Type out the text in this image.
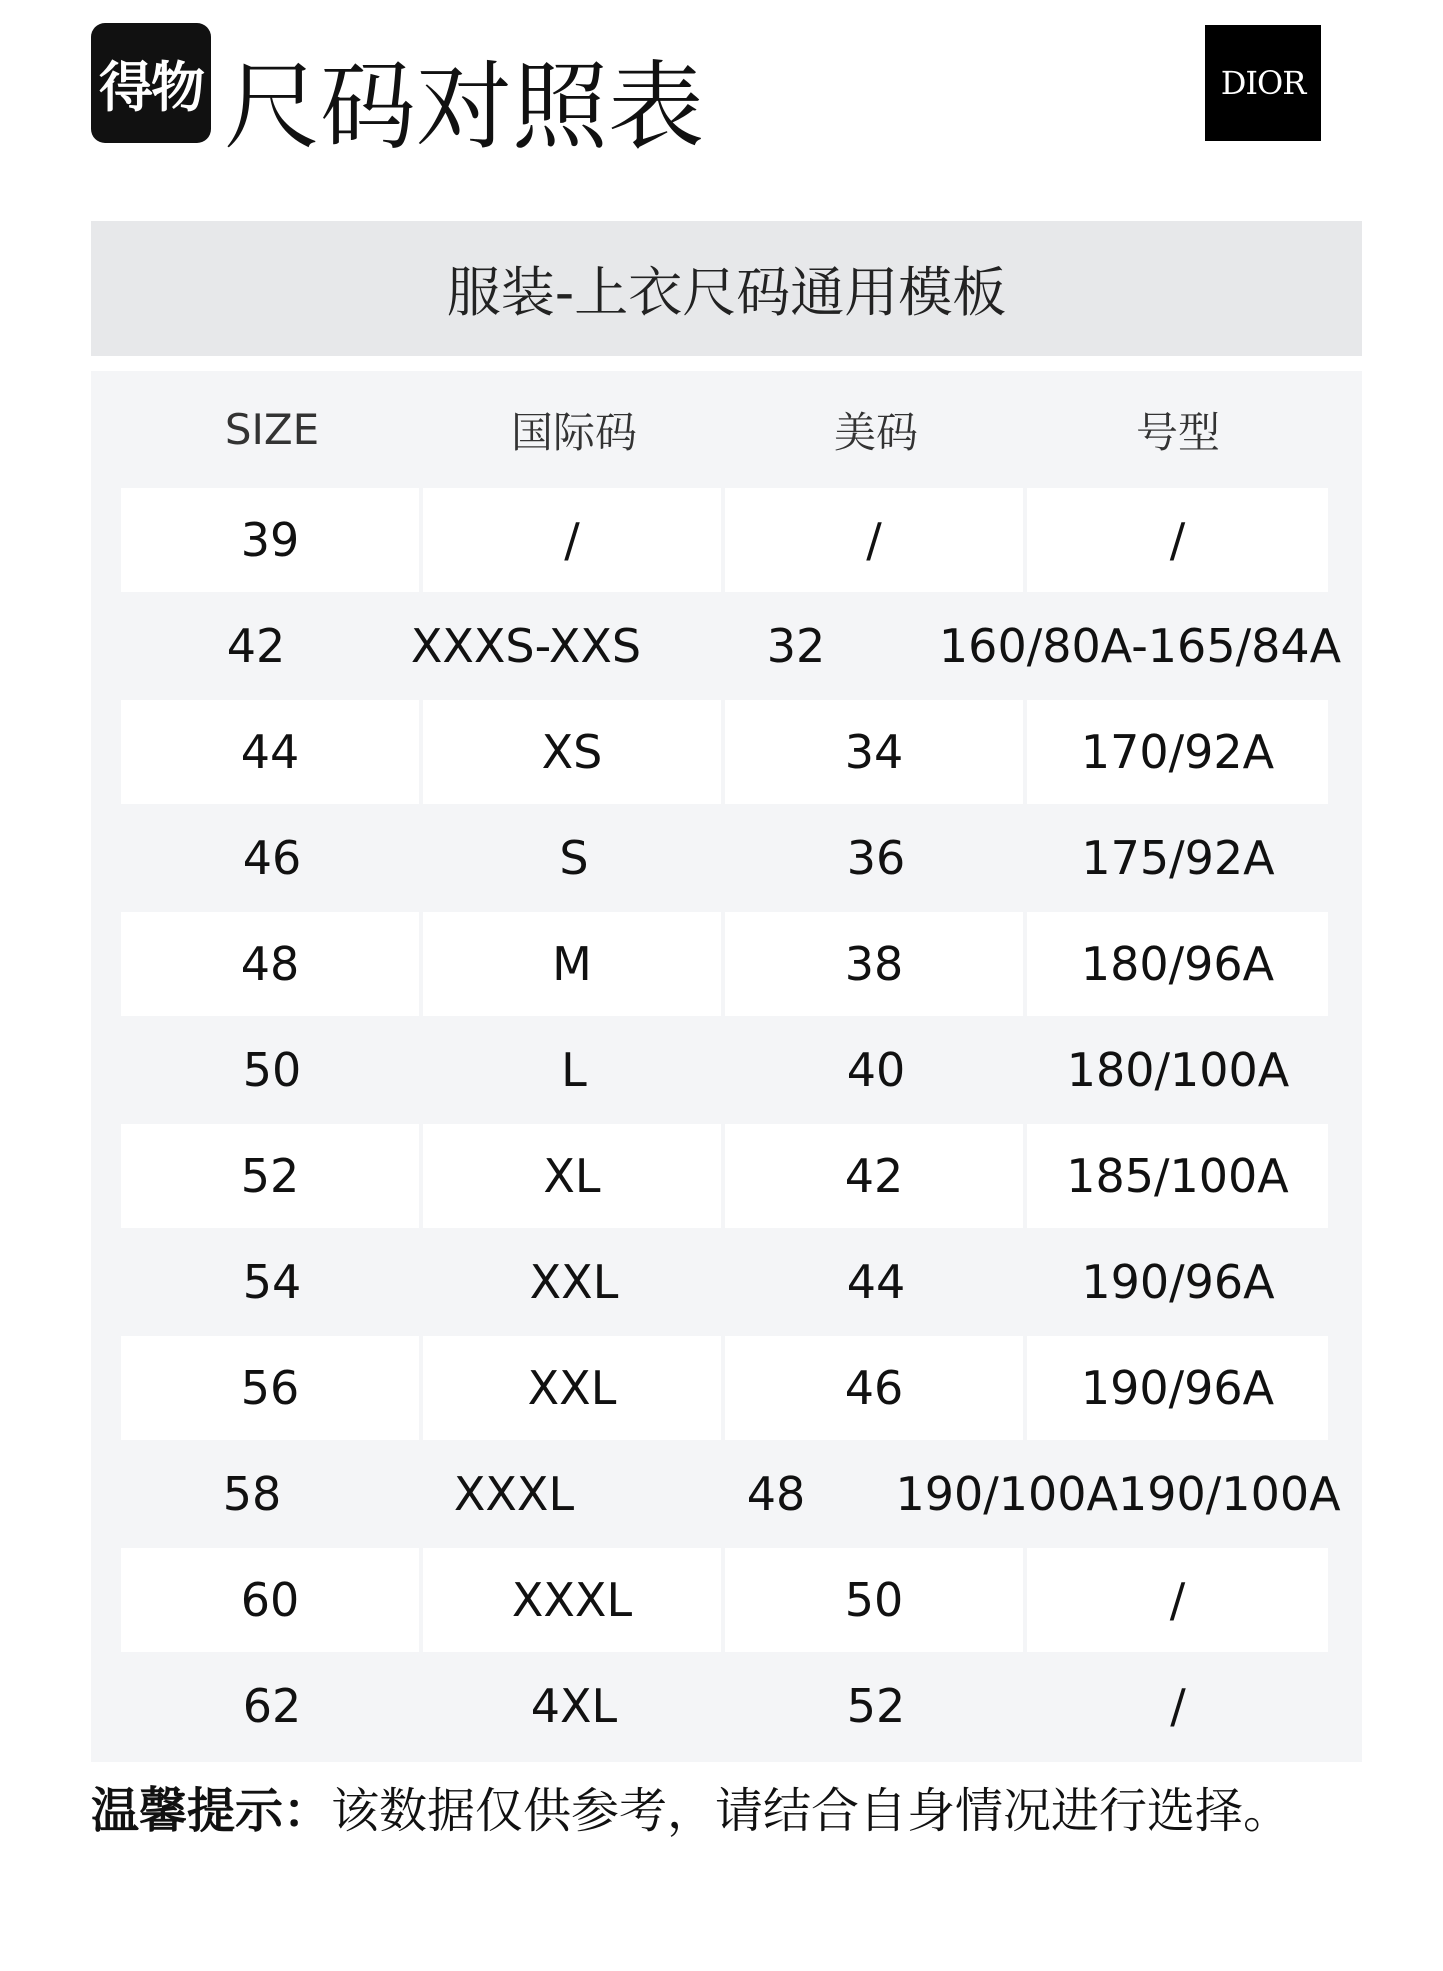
得物 尺码对照表	DIOR
服装-上衣尺码通用模板
SIZE	国际码	美码	号型
39	/	/	/
42	XXXS-XXS	32	160/80A-165/84A
44	XS	34	170/92A
46	S	36	175/92A
48	M	38	180/96A
50	L	40	180/100A
52	XL	42	185/100A
54	XXL	44	190/96A
56	XXL	46	190/96A
58	XXXL	48	190/100A190/100A
60	XXXL	50	/
62	4XL	52	/
温馨提示：该数据仅供参考，请结合自身情况进行选择。
